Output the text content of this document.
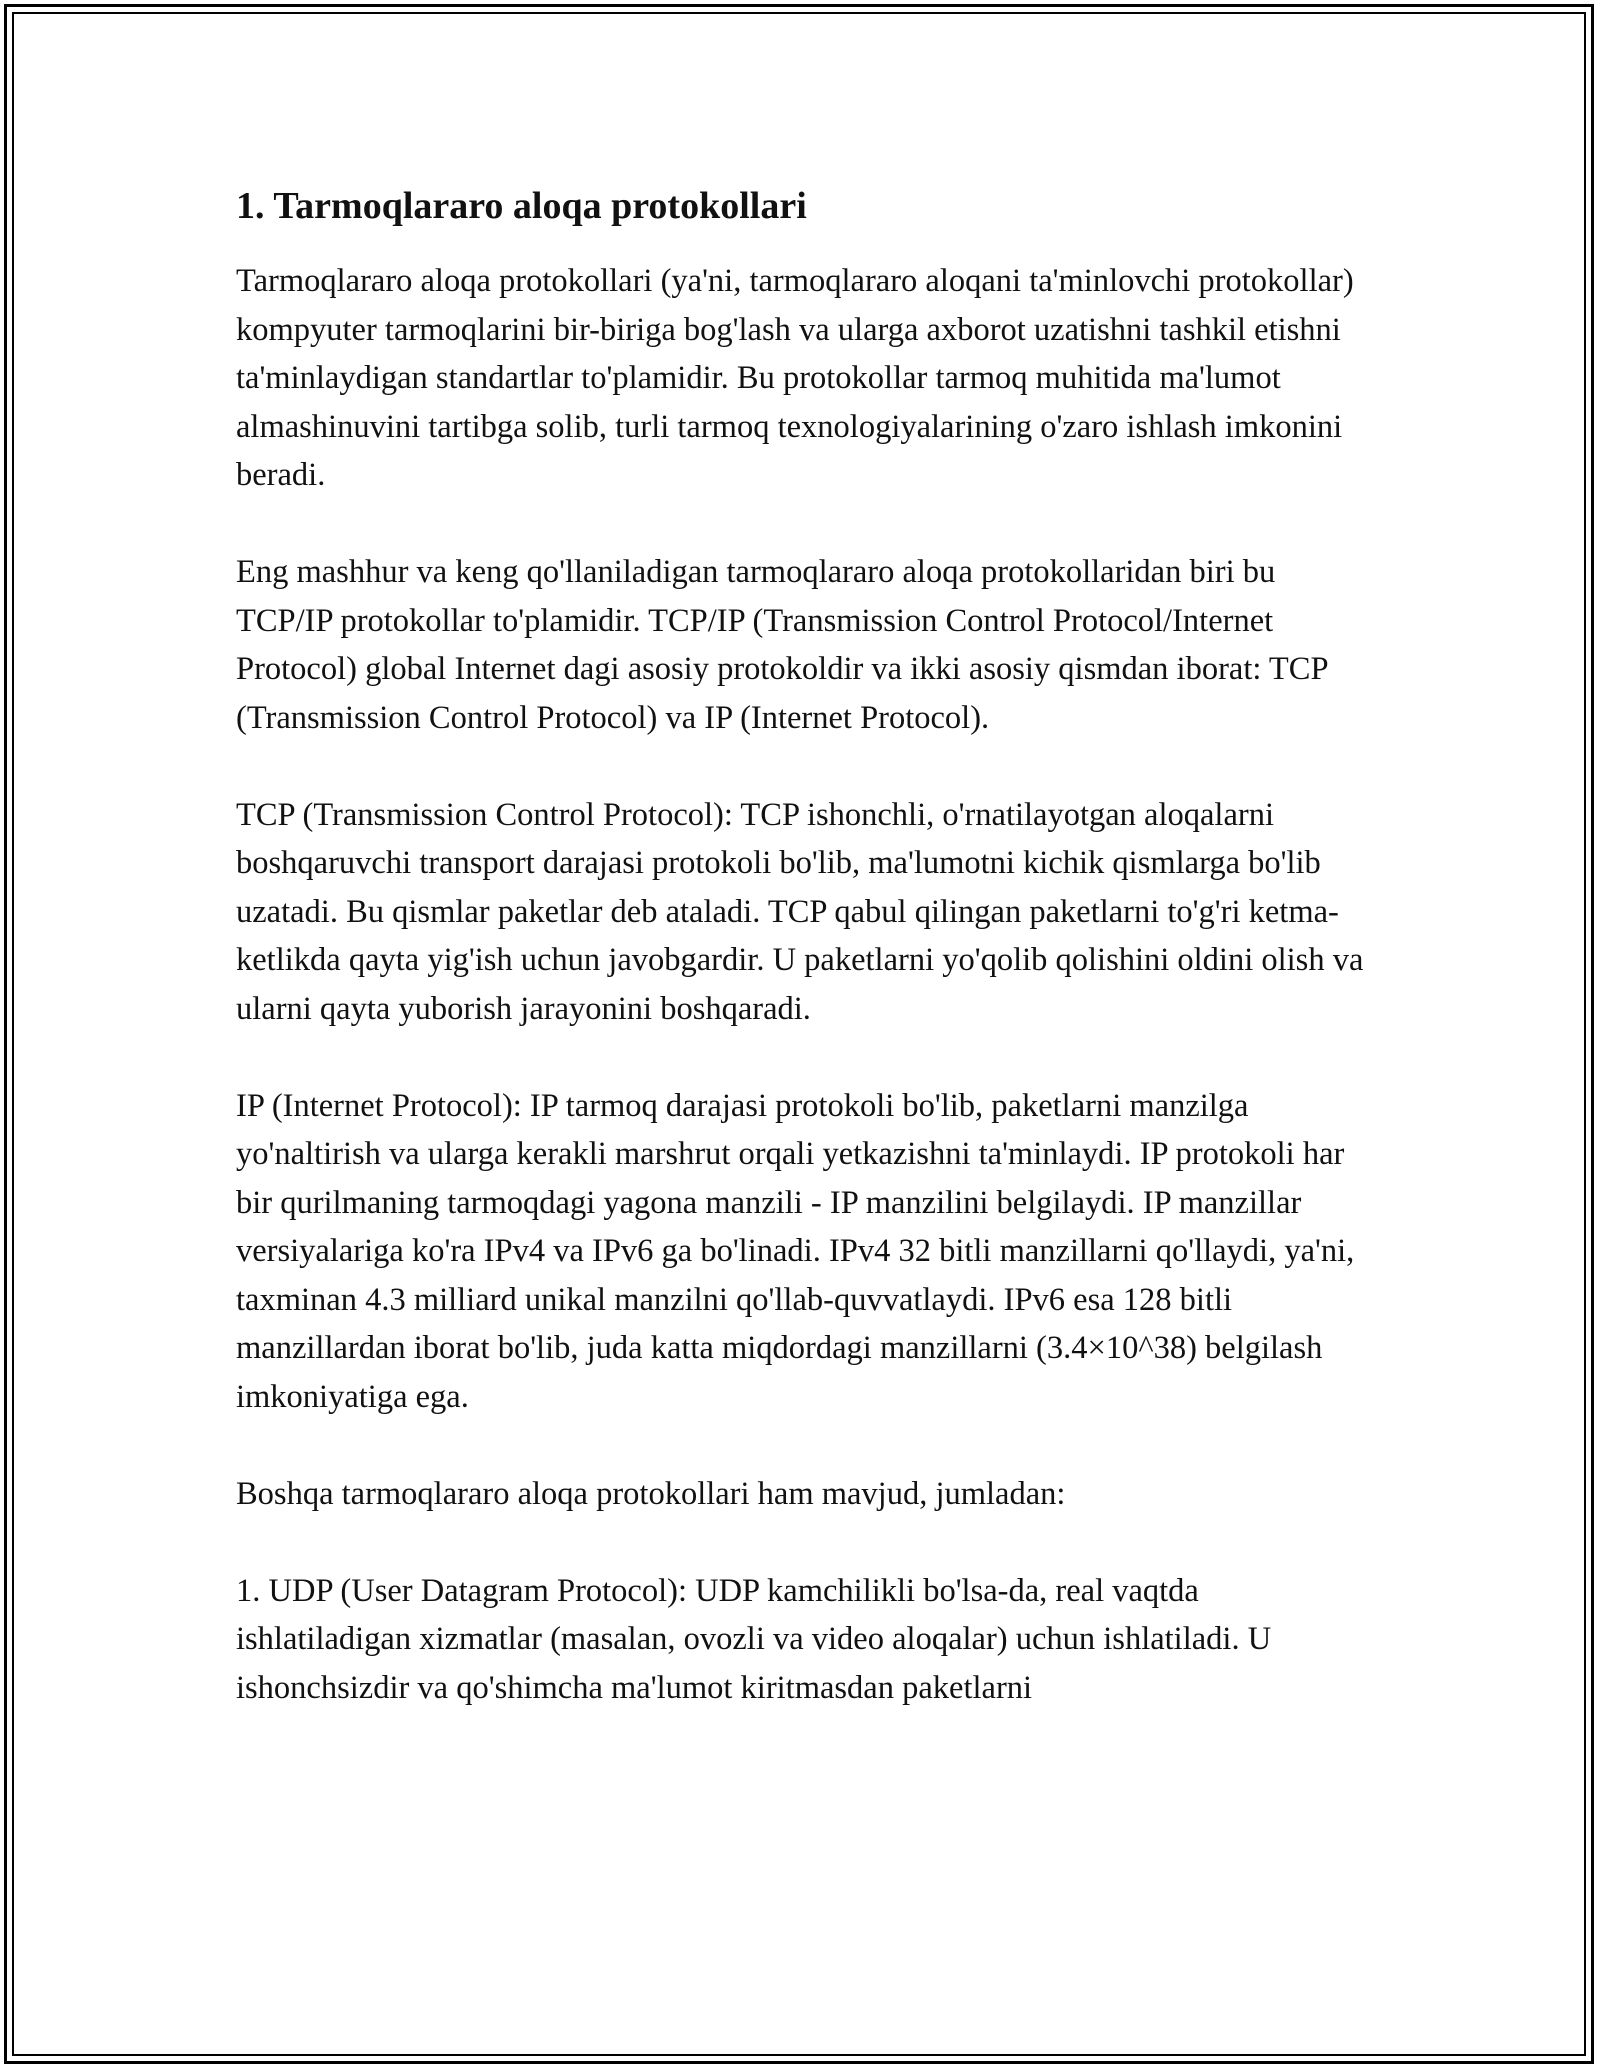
1. Tarmoqlararo aloqa protokollari

Tarmoqlararo aloqa protokollari (ya'ni, tarmoqlararo aloqani ta'minlovchi protokollar) kompyuter tarmoqlarini bir-biriga bog'lash va ularga axborot uzatishni tashkil etishni ta'minlaydigan standartlar to'plamidir. Bu protokollar tarmoq muhitida ma'lumot almashinuvini tartibga solib, turli tarmoq texnologiyalarining o'zaro ishlash imkonini beradi.

Eng mashhur va keng qo'llaniladigan tarmoqlararo aloqa protokollaridan biri bu TCP/IP protokollar to'plamidir. TCP/IP (Transmission Control Protocol/Internet Protocol) global Internet dagi asosiy protokoldir va ikki asosiy qismdan iborat: TCP (Transmission Control Protocol) va IP (Internet Protocol).

TCP (Transmission Control Protocol): TCP ishonchli, o'rnatilayotgan aloqalarni boshqaruvchi transport darajasi protokoli bo'lib, ma'lumotni kichik qismlarga bo'lib uzatadi. Bu qismlar paketlar deb ataladi. TCP qabul qilingan paketlarni to'g'ri ketma-ketlikda qayta yig'ish uchun javobgardir. U paketlarni yo'qolib qolishini oldini olish va ularni qayta yuborish jarayonini boshqaradi.

IP (Internet Protocol): IP tarmoq darajasi protokoli bo'lib, paketlarni manzilga yo'naltirish va ularga kerakli marshrut orqali yetkazishni ta'minlaydi. IP protokoli har bir qurilmaning tarmoqdagi yagona manzili - IP manzilini belgilaydi. IP manzillar versiyalariga ko'ra IPv4 va IPv6 ga bo'linadi. IPv4 32 bitli manzillarni qo'llaydi, ya'ni, taxminan 4.3 milliard unikal manzilni qo'llab-quvvatlaydi. IPv6 esa 128 bitli manzillardan iborat bo'lib, juda katta miqdordagi manzillarni (3.4×10^38) belgilash imkoniyatiga ega.

Boshqa tarmoqlararo aloqa protokollari ham mavjud, jumladan:

1. UDP (User Datagram Protocol): UDP kamchilikli bo'lsa-da, real vaqtda ishlatiladigan xizmatlar (masalan, ovozli va video aloqalar) uchun ishlatiladi. U ishonchsizdir va qo'shimcha ma'lumot kiritmasdan paketlarni
